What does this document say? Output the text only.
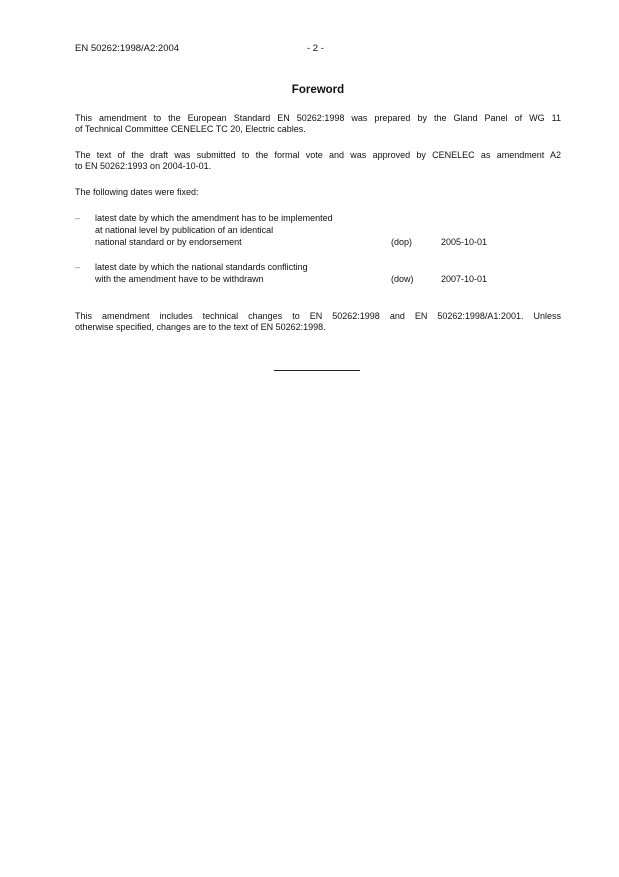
EN 50262:1998/A2:2004	- 2 -
Foreword
This amendment to the European Standard EN 50262:1998 was prepared by the Gland Panel of WG 11
of Technical Committee CENELEC TC 20, Electric cables.
The text of the draft was submitted to the formal vote and was approved by CENELEC as amendment A2
to EN 50262:1993 on 2004-10-01.
The following dates were fixed:
– latest date by which the amendment has to be implemented
at national level by publication of an identical
national standard or by endorsement	(dop)	2005-10-01
– latest date by which the national standards conflicting
with the amendment have to be withdrawn	(dow)	2007-10-01
This amendment includes technical changes to EN 50262:1998 and EN 50262:1998/A1:2001. Unless
otherwise specified, changes are to the text of EN 50262:1998.
